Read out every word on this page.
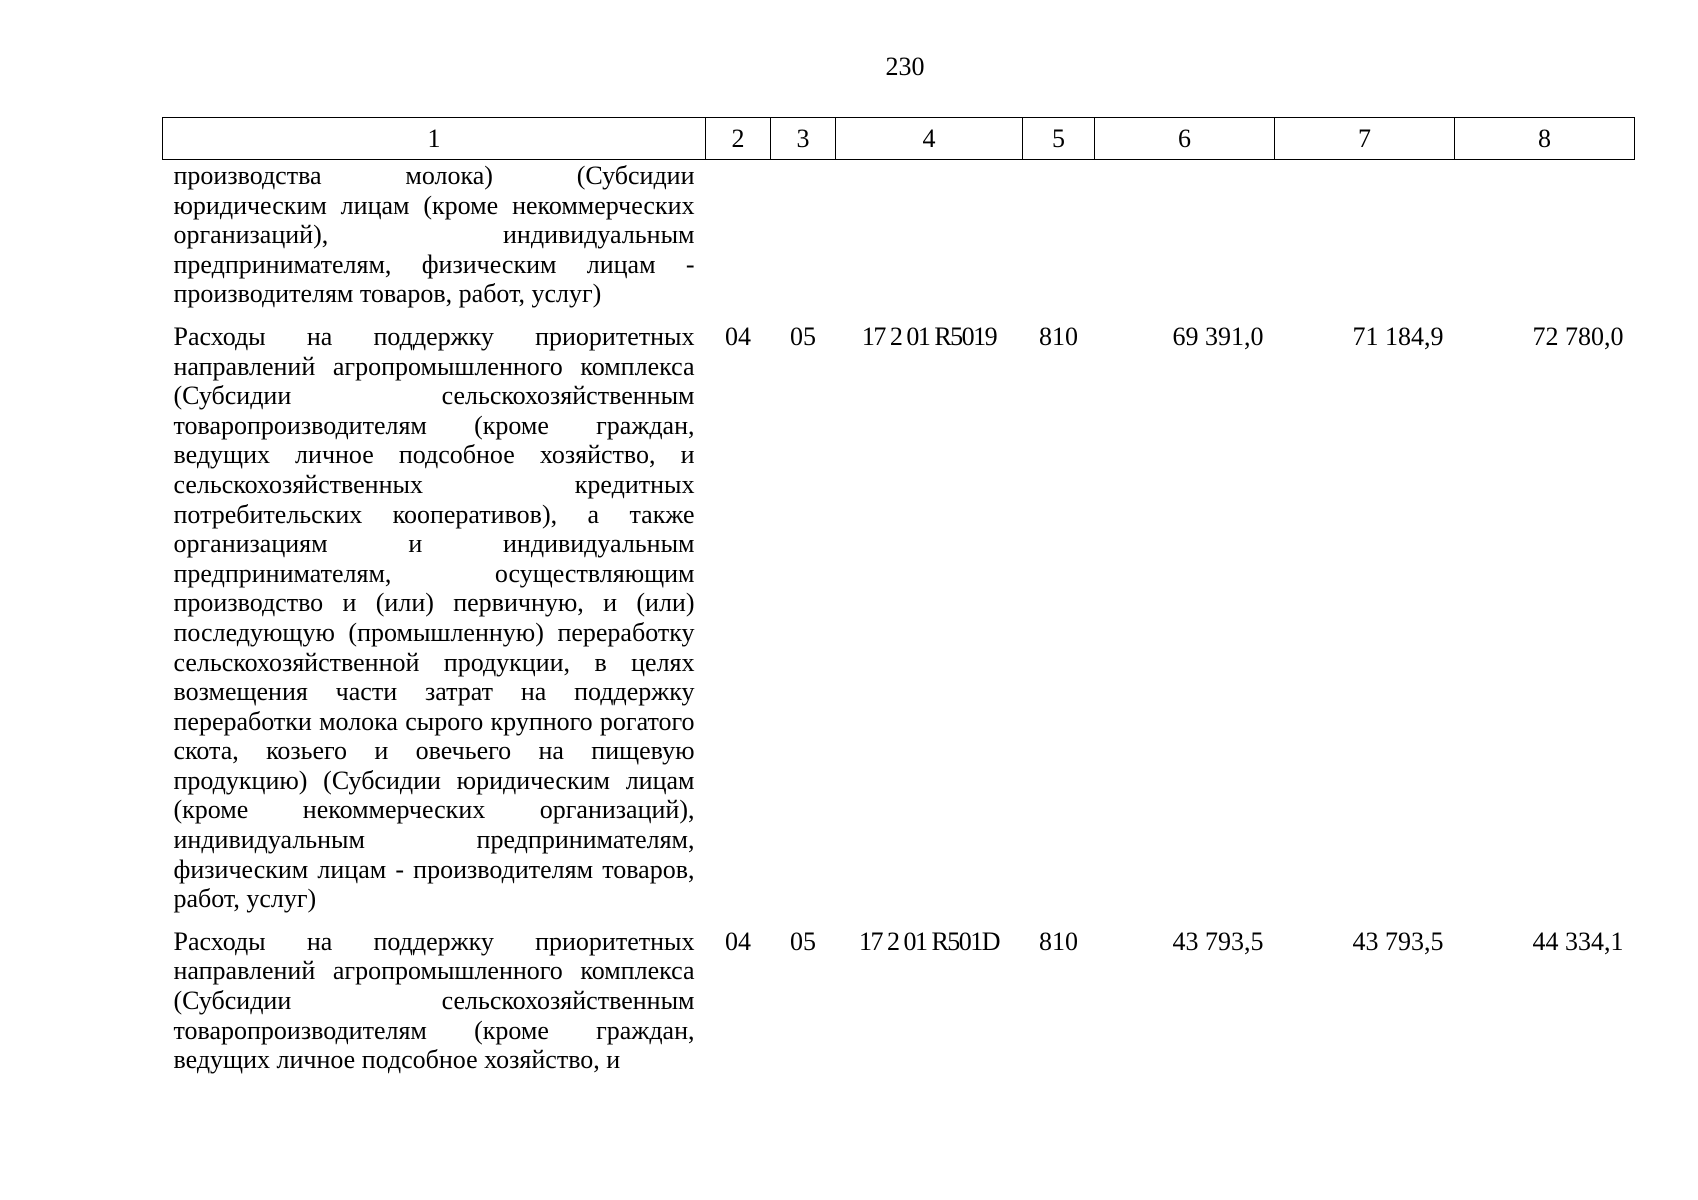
230
1	2	3	4	5	6	7	8
производства молока) (Субсидии юридическим лицам (кроме некоммерческих организаций), индивидуальным предпринимателям, физическим лицам - производителям товаров, работ, услуг)							
Расходы на поддержку приоритетных направлений агропромышленного комплекса (Субсидии сельскохозяйственным товаропроизводителям (кроме граждан, ведущих личное подсобное хозяйство, и сельскохозяйственных кредитных потребительских кооперативов), а также организациям и индивидуальным предпринимателям, осуществляющим производство и (или) первичную, и (или) последующую (промышленную) переработку сельскохозяйственной продукции, в целях возмещения части затрат на поддержку переработки молока сырого крупного рогатого скота, козьего и овечьего на пищевую продукцию) (Субсидии юридическим лицам (кроме некоммерческих организаций), индивидуальным предпринимателям, физическим лицам - производителям товаров, работ, услуг)	04	05	17 2 01 R5019	810	69 391,0	71 184,9	72 780,0
Расходы на поддержку приоритетных направлений агропромышленного комплекса (Субсидии сельскохозяйственным товаропроизводителям (кроме граждан, ведущих личное подсобное хозяйство, и	04	05	17 2 01 R501D	810	43 793,5	43 793,5	44 334,1
